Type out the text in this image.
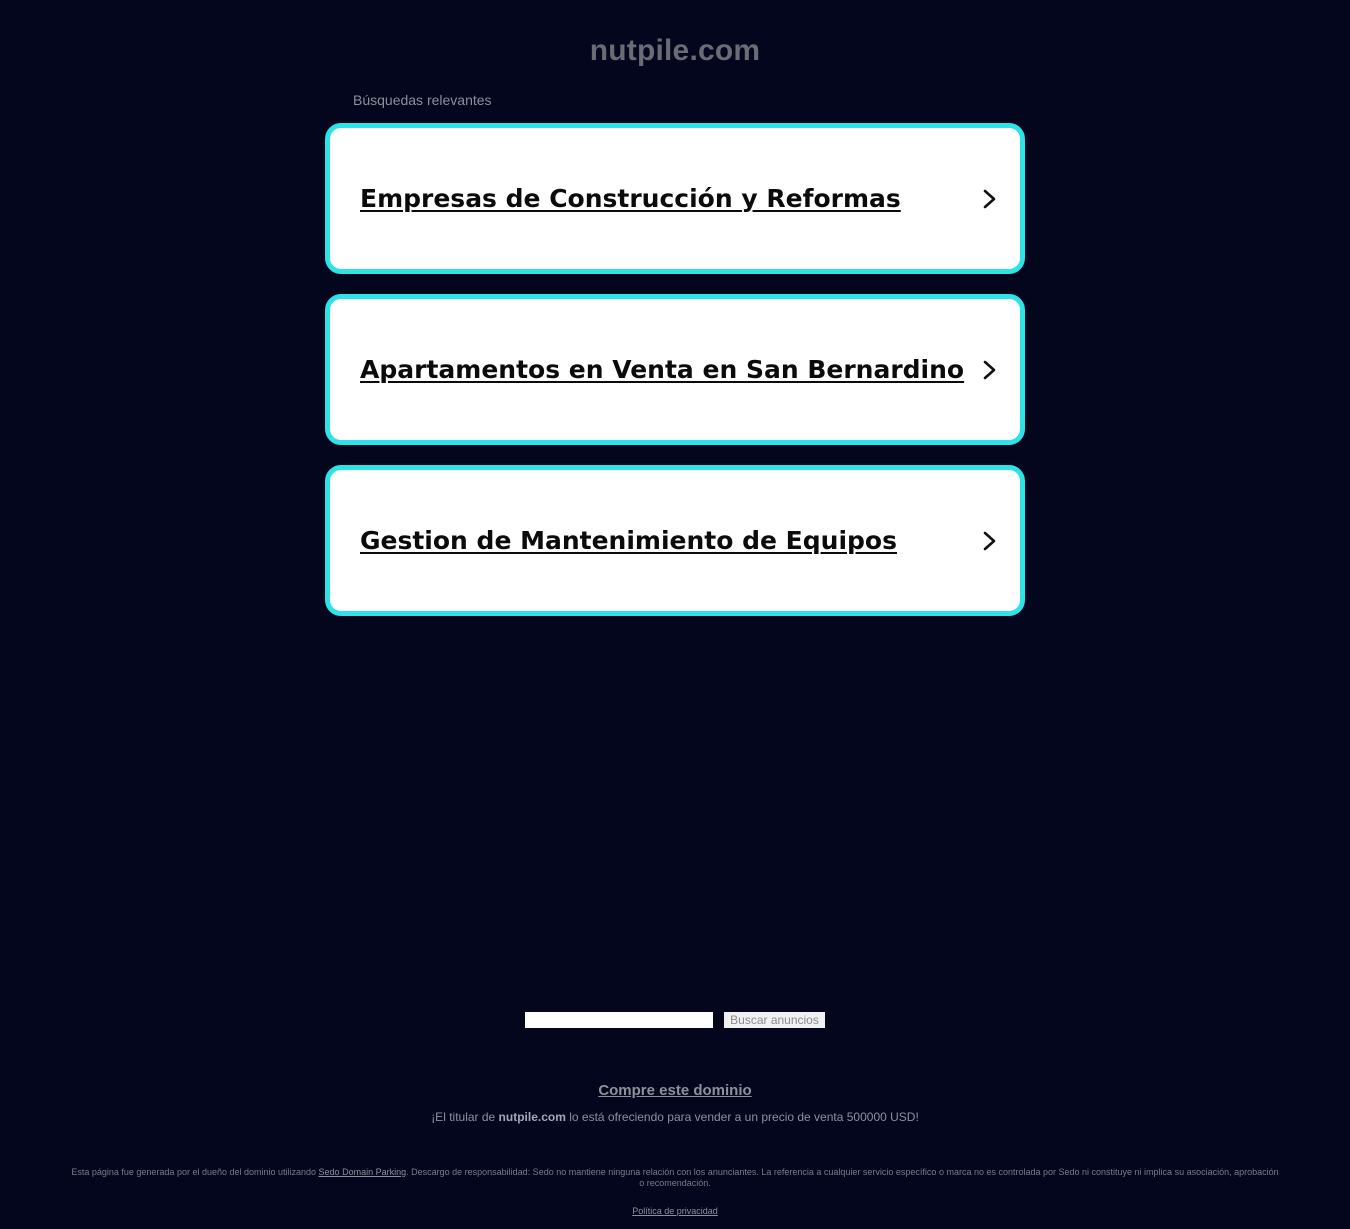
nutpile.com
Búsquedas relevantes
Empresas de Construcción y Reformas
Apartamentos en Venta en San Bernardino
Gestion de Mantenimiento de Equipos
Buscar anuncios
Compre este dominio
¡El titular de nutpile.com lo está ofreciendo para vender a un precio de venta 500000 USD!
Esta página fue generada por el dueño del dominio utilizando Sedo Domain Parking. Descargo de responsabilidad: Sedo no mantiene ninguna relación con los anunciantes. La referencia a cualquier servicio específico o marca no es controlada por Sedo ni constituye ni implica su asociación, aprobación o recomendación.
Política de privacidad
